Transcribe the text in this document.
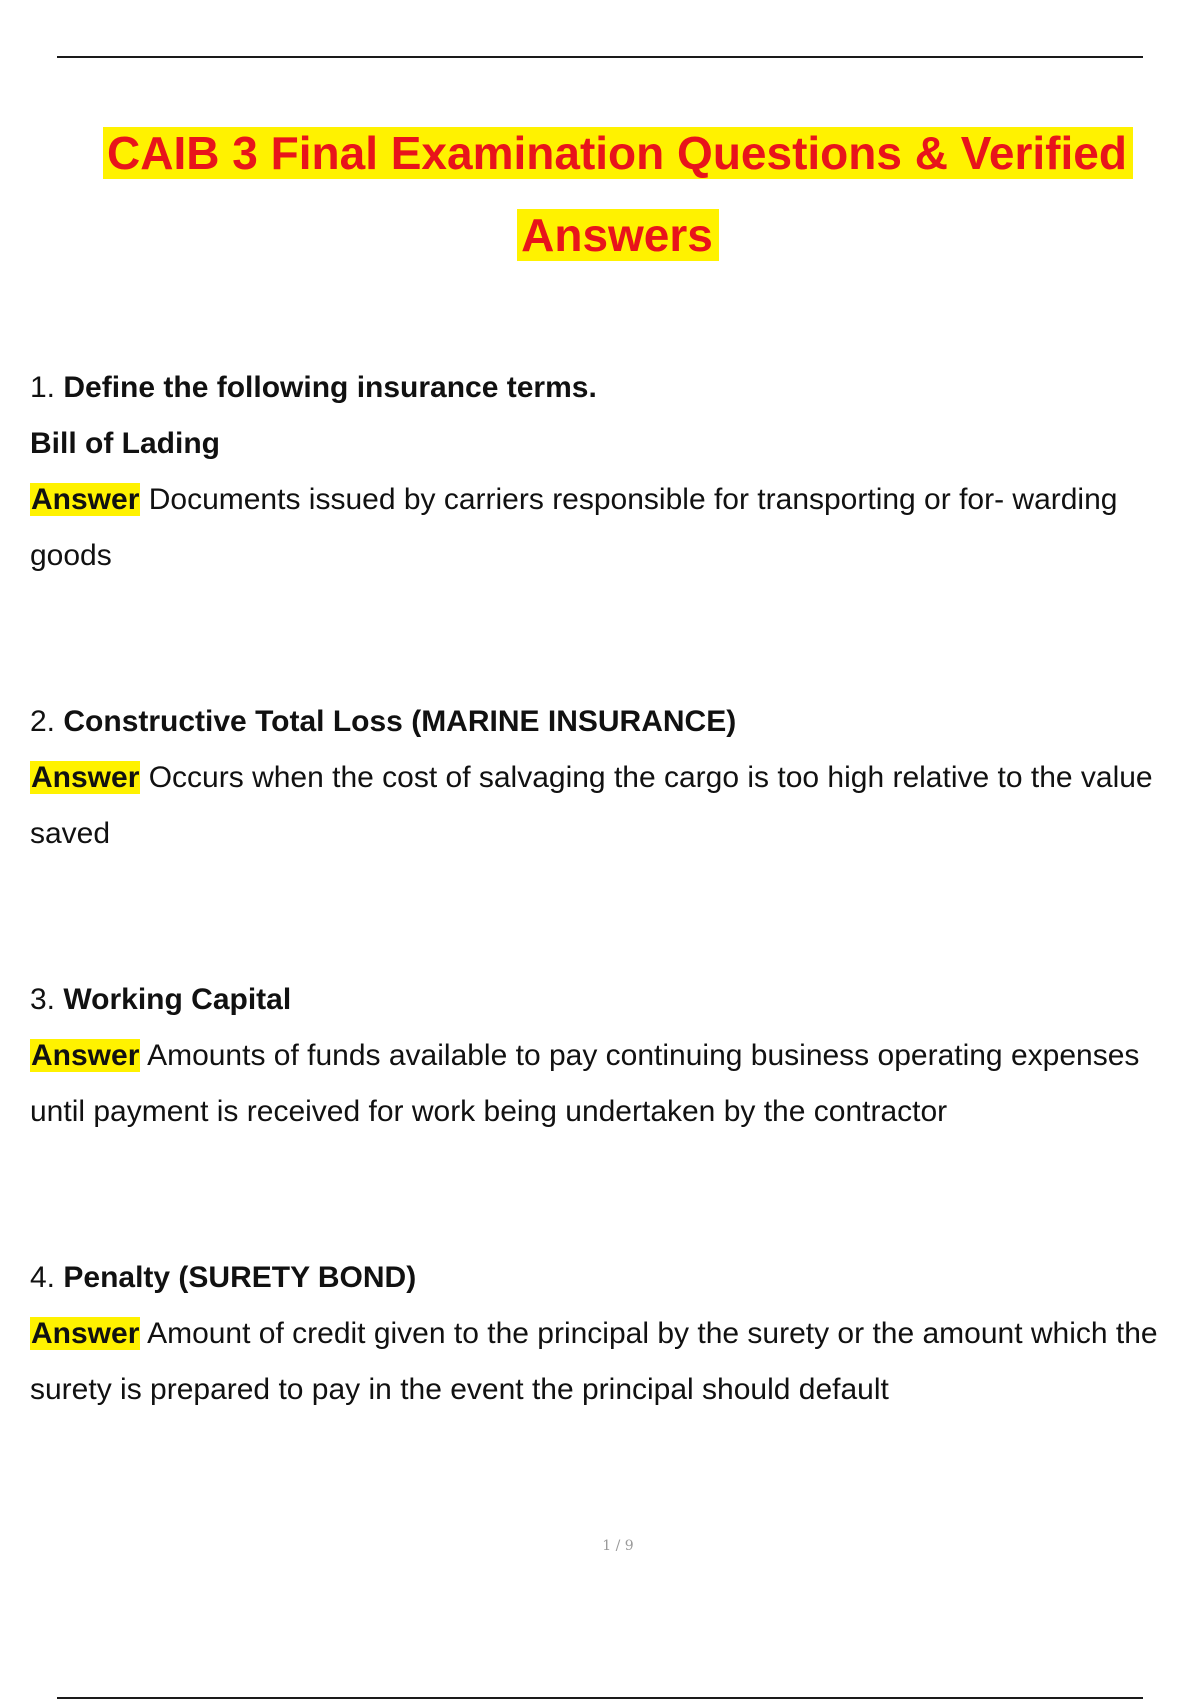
CAIB 3 Final Examination Questions & Verified
Answers
1. Define the following insurance terms.
Bill of Lading
Answer Documents issued by carriers responsible for transporting or for- warding goods
2. Constructive Total Loss (MARINE INSURANCE)
Answer Occurs when the cost of salvaging the cargo is too high relative to the value saved
3. Working Capital
Answer Amounts of funds available to pay continuing business operating expenses until payment is received for work being undertaken by the contractor
4. Penalty (SURETY BOND)
Answer Amount of credit given to the principal by the surety or the amount which the surety is prepared to pay in the event the principal should default
1 / 9
